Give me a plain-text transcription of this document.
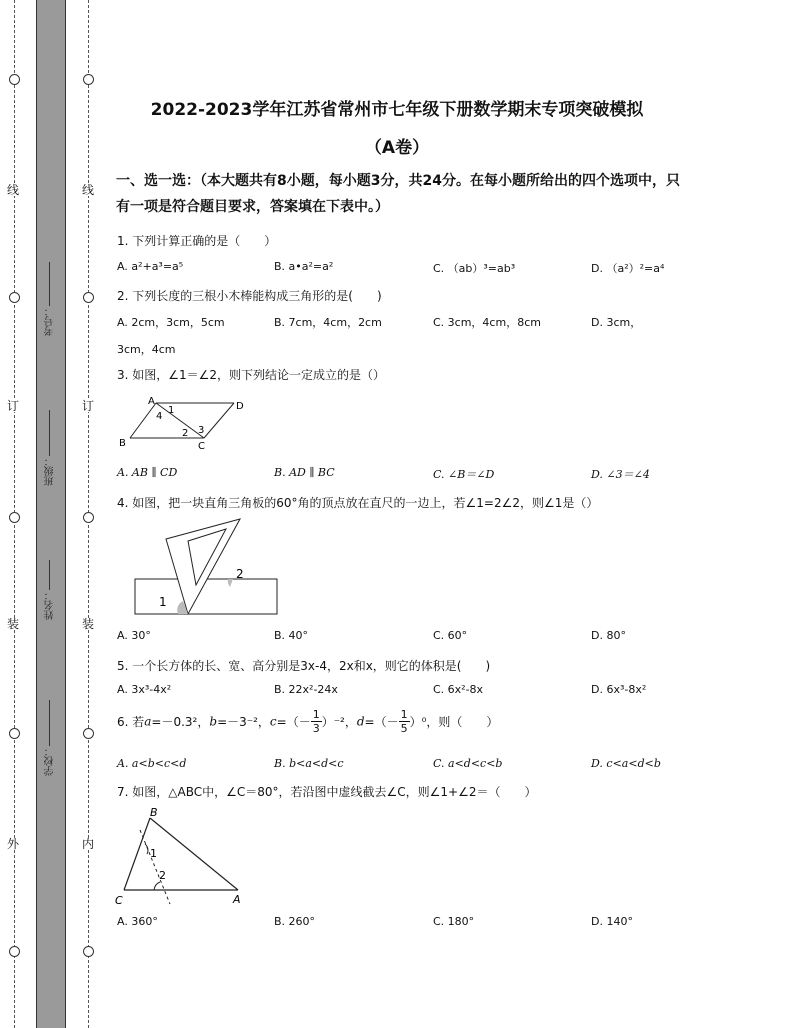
线
订
装
外
线
订
装
内
考号：
班级：
姓名：
学校：
2022-2023学年江苏省常州市七年级下册数学期末专项突破模拟
（A卷）
一、选一选：（本大题共有8小题，每小题3分，共24分。在每小题所给出的四个选项中，只有一项是符合题目要求，答案填在下表中。）
1. 下列计算正确的是（　　）
A. a²+a³=a⁵	B. a•a²=a²	C. （ab）³=ab³	D. （a²）²=a⁴
2. 下列长度的三根小木棒能构成三角形的是(　　)
A. 2cm，3cm，5cm	B. 7cm，4cm，2cm	C. 3cm，4cm，8cm	D. 3cm，
3cm，4cm
3. 如图，∠1＝∠2，则下列结论一定成立的是（）
A	D
B	C
1
4
2 3
A. AB ∥ CD	B. AD ∥ BC	C. ∠B＝∠D	D. ∠3＝∠4
4. 如图，把一块直角三角板的60°角的顶点放在直尺的一边上，若∠1=2∠2，则∠1是（）
1
2
A. 30°	B. 40°	C. 60°	D. 80°
5. 一个长方体的长、宽、高分别是3x-4，2x和x，则它的体积是(　　)
A. 3x³-4x²	B. 22x²-24x	C. 6x²-8x	D. 6x³-8x²
6. 若a=－0.3²，b=－3⁻²，$c=(- \frac{1}{3} )^{-2}$，$d=(- \frac{1}{5} )^0$，则（　　）
A. a<b<c<d	B. b<a<d<c	C. a<d<c<b	D. c<a<d<b
7. 如图，△ABC中，∠C＝80°，若沿图中虚线截去∠C，则∠1+∠2＝（　　）
B
1
2
C	A
A. 360°	B. 260°	C. 180°	D. 140°
